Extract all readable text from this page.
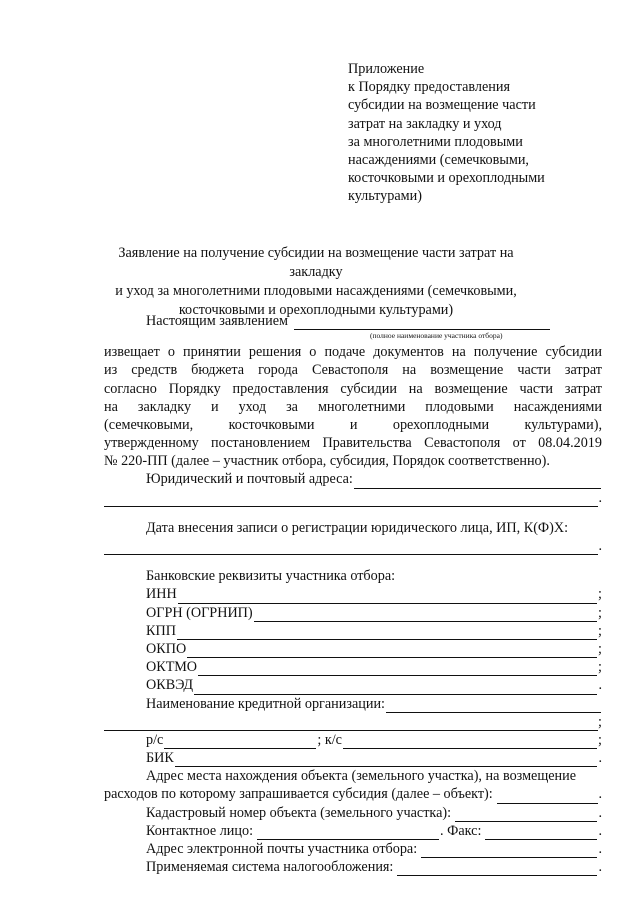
Приложение
к Порядку предоставления
субсидии на возмещение части
затрат на закладку и уход
за многолетними плодовыми
насаждениями (семечковыми,
косточковыми и орехоплодными
культурами)
Заявление на получение субсидии на возмещение части затрат на закладку
и уход за многолетними плодовыми насаждениями (семечковыми,
косточковыми и орехоплодными культурами)
Настоящим заявлением
(полное наименование участника отбора)
извещает о принятии решения о подаче документов на получение субсидии
из средств бюджета города Севастополя на возмещение части затрат
согласно Порядку предоставления субсидии на возмещение части затрат
на закладку и уход за многолетними плодовыми насаждениями
(семечковыми, косточковыми и орехоплодными культурами),
утвержденному постановлением Правительства Севастополя от 08.04.2019
№ 220-ПП (далее – участник отбора, субсидия, Порядок соответственно).
Юридический и почтовый адреса:
.
Дата внесения записи о регистрации юридического лица, ИП, К(Ф)Х:
.
Банковские реквизиты участника отбора:
ИНН	;
ОГРН (ОГРНИП)	;
КПП	;
ОКПО	;
ОКТМО	;
ОКВЭД	.
Наименование кредитной организации:
;
р/с	; к/с	;
БИК	.
Адрес места нахождения объекта (земельного участка), на возмещение
расходов по которому запрашивается субсидия (далее – объект):	.
Кадастровый номер объекта (земельного участка):	.
Контактное лицо:	. Факс:	.
Адрес электронной почты участника отбора:	.
Применяемая система налогообложения:	.
